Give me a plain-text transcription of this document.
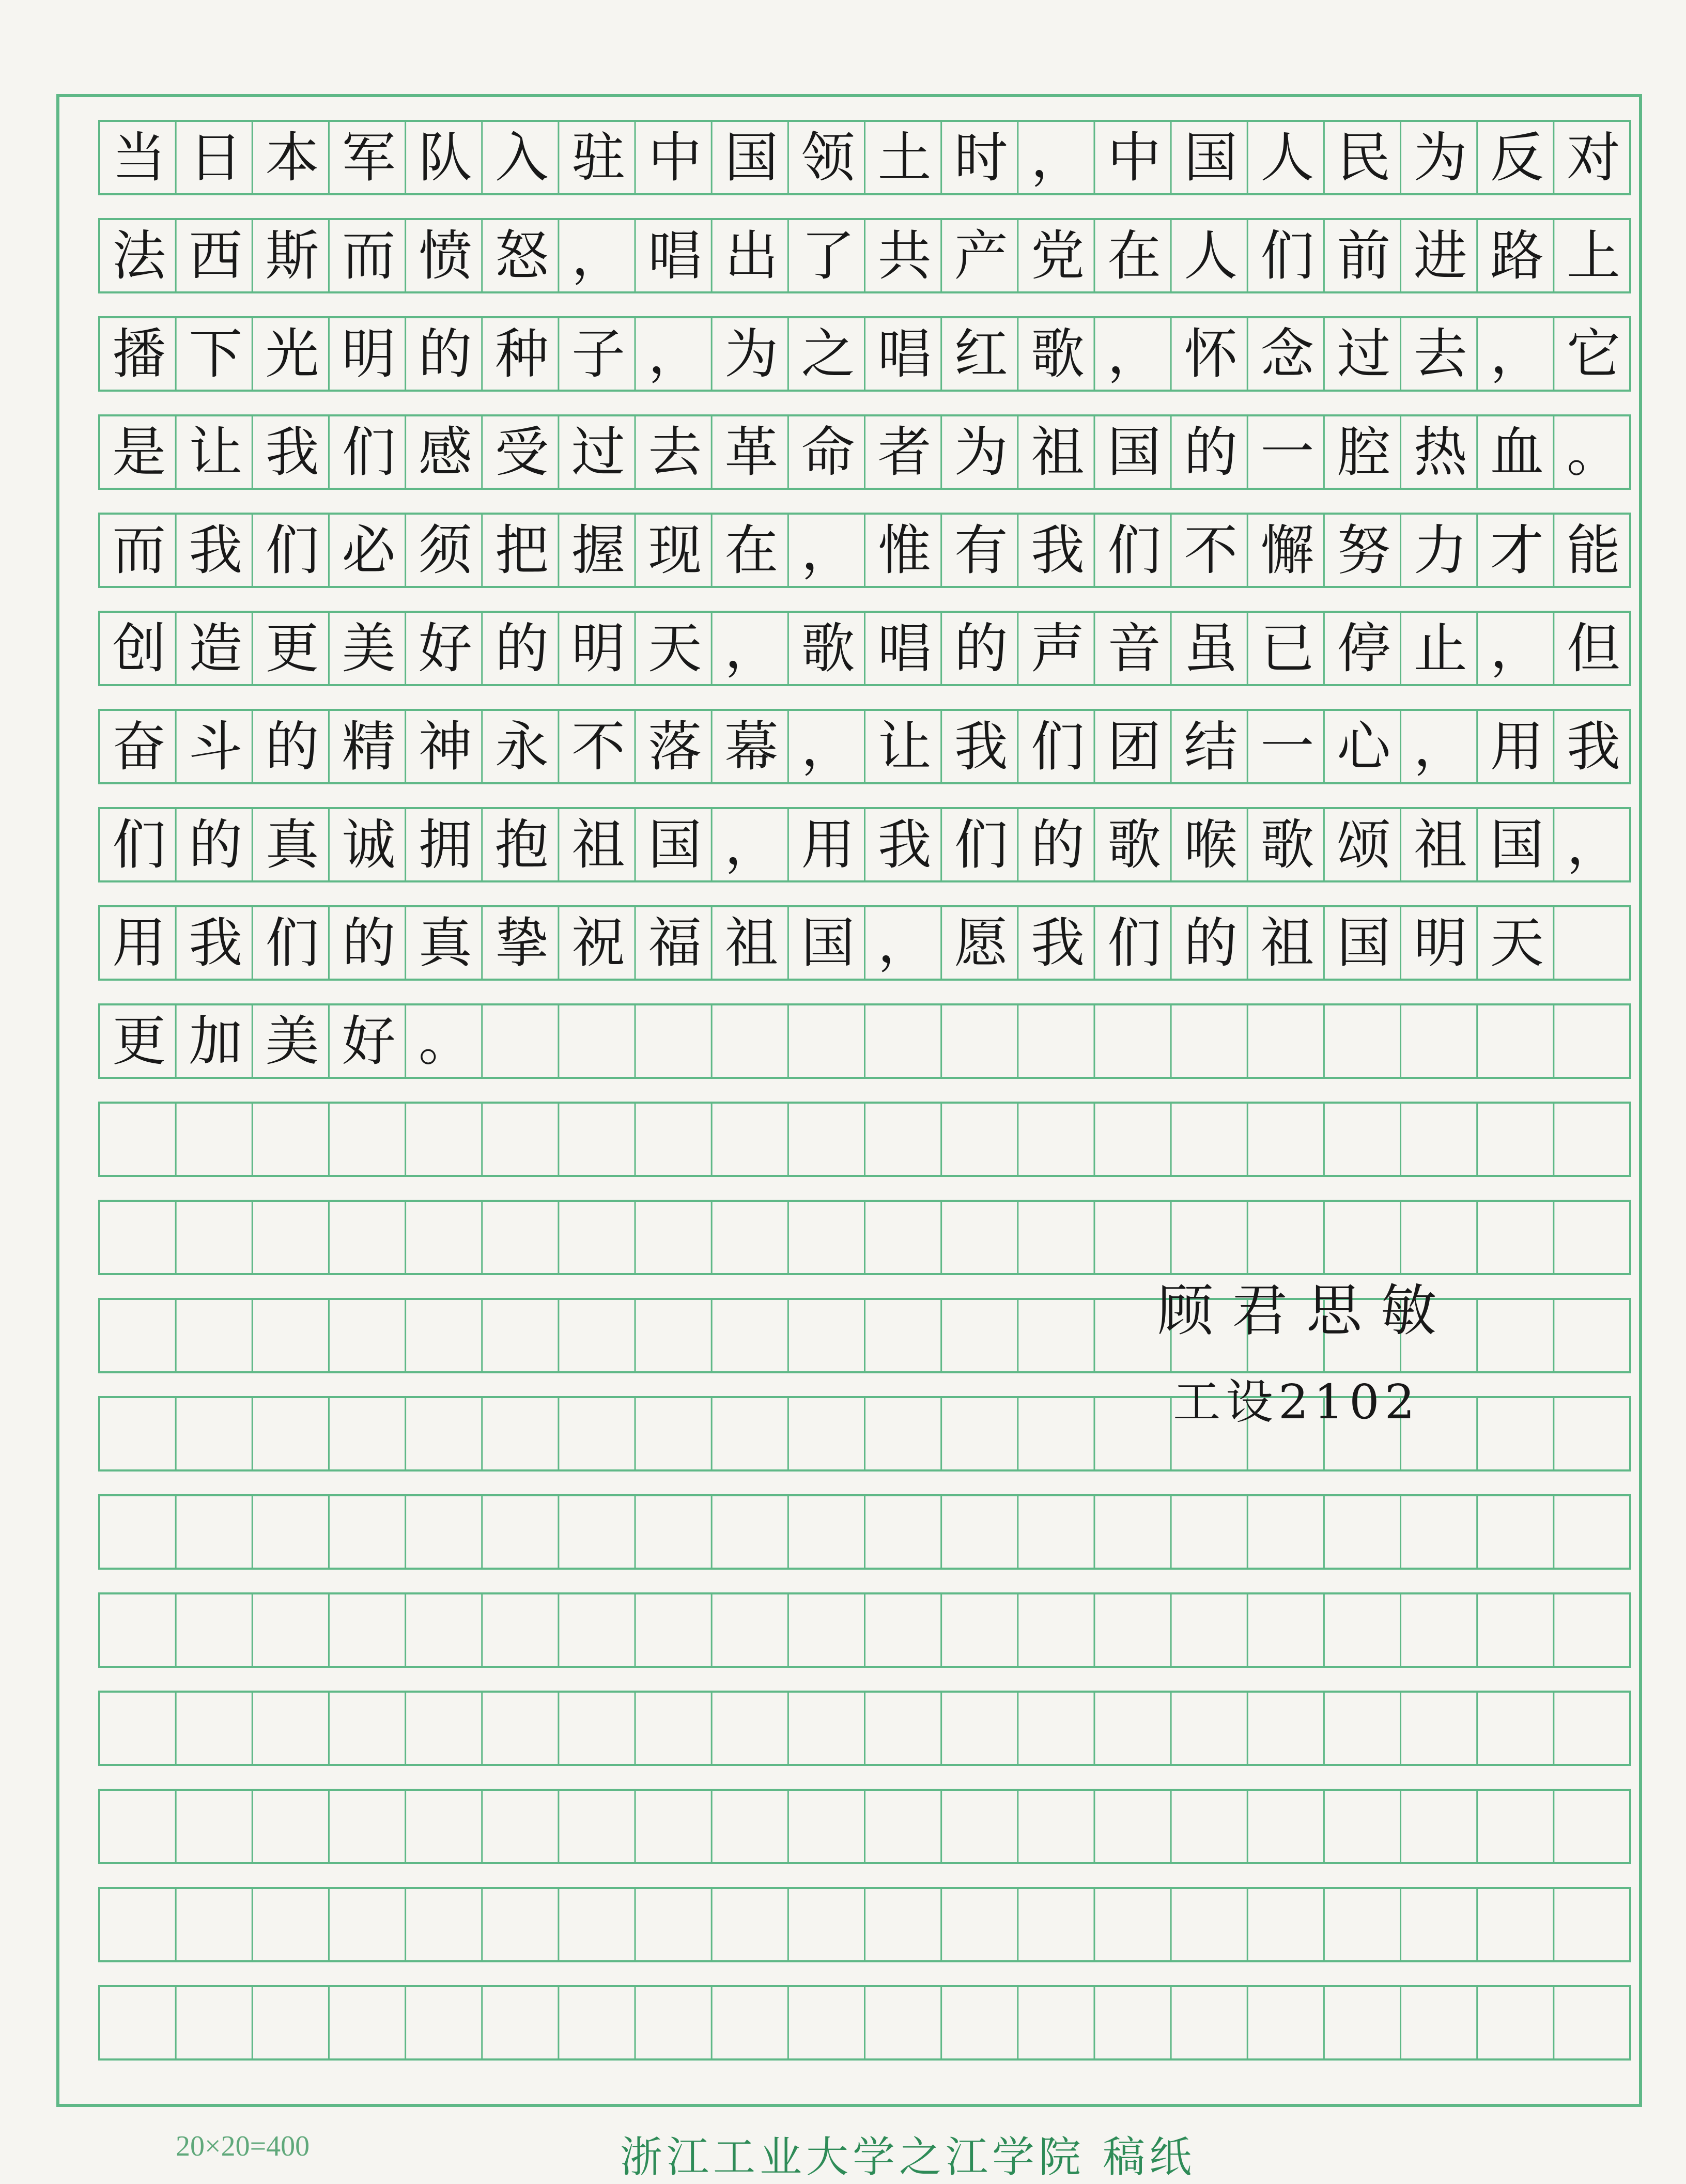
当 日 本 军 队 入 驻 中 国 领 土 时 ， 中 国 人 民 为 反 对
法 西 斯 而 愤 怒 ， 唱 出 了 共 产 党 在 人 们 前 进 路 上
播 下 光 明 的 种 子 ， 为 之 唱 红 歌 ， 怀 念 过 去 ， 它
是 让 我 们 感 受 过 去 革 命 者 为 祖 国 的 一 腔 热 血 。
而 我 们 必 须 把 握 现 在 ， 惟 有 我 们 不 懈 努 力 才 能
创 造 更 美 好 的 明 天 ， 歌 唱 的 声 音 虽 已 停 止 ， 但
奋 斗 的 精 神 永 不 落 幕 ， 让 我 们 团 结 一 心 ， 用 我
们 的 真 诚 拥 抱 祖 国 ， 用 我 们 的 歌 喉 歌 颂 祖 国 ，
用 我 们 的 真 挚 祝 福 祖 国 ， 愿 我 们 的 祖 国 明 天
更 加 美 好 。
顾君思敏
工设2102
20×20=400	浙江工业大学之江学院 稿纸
